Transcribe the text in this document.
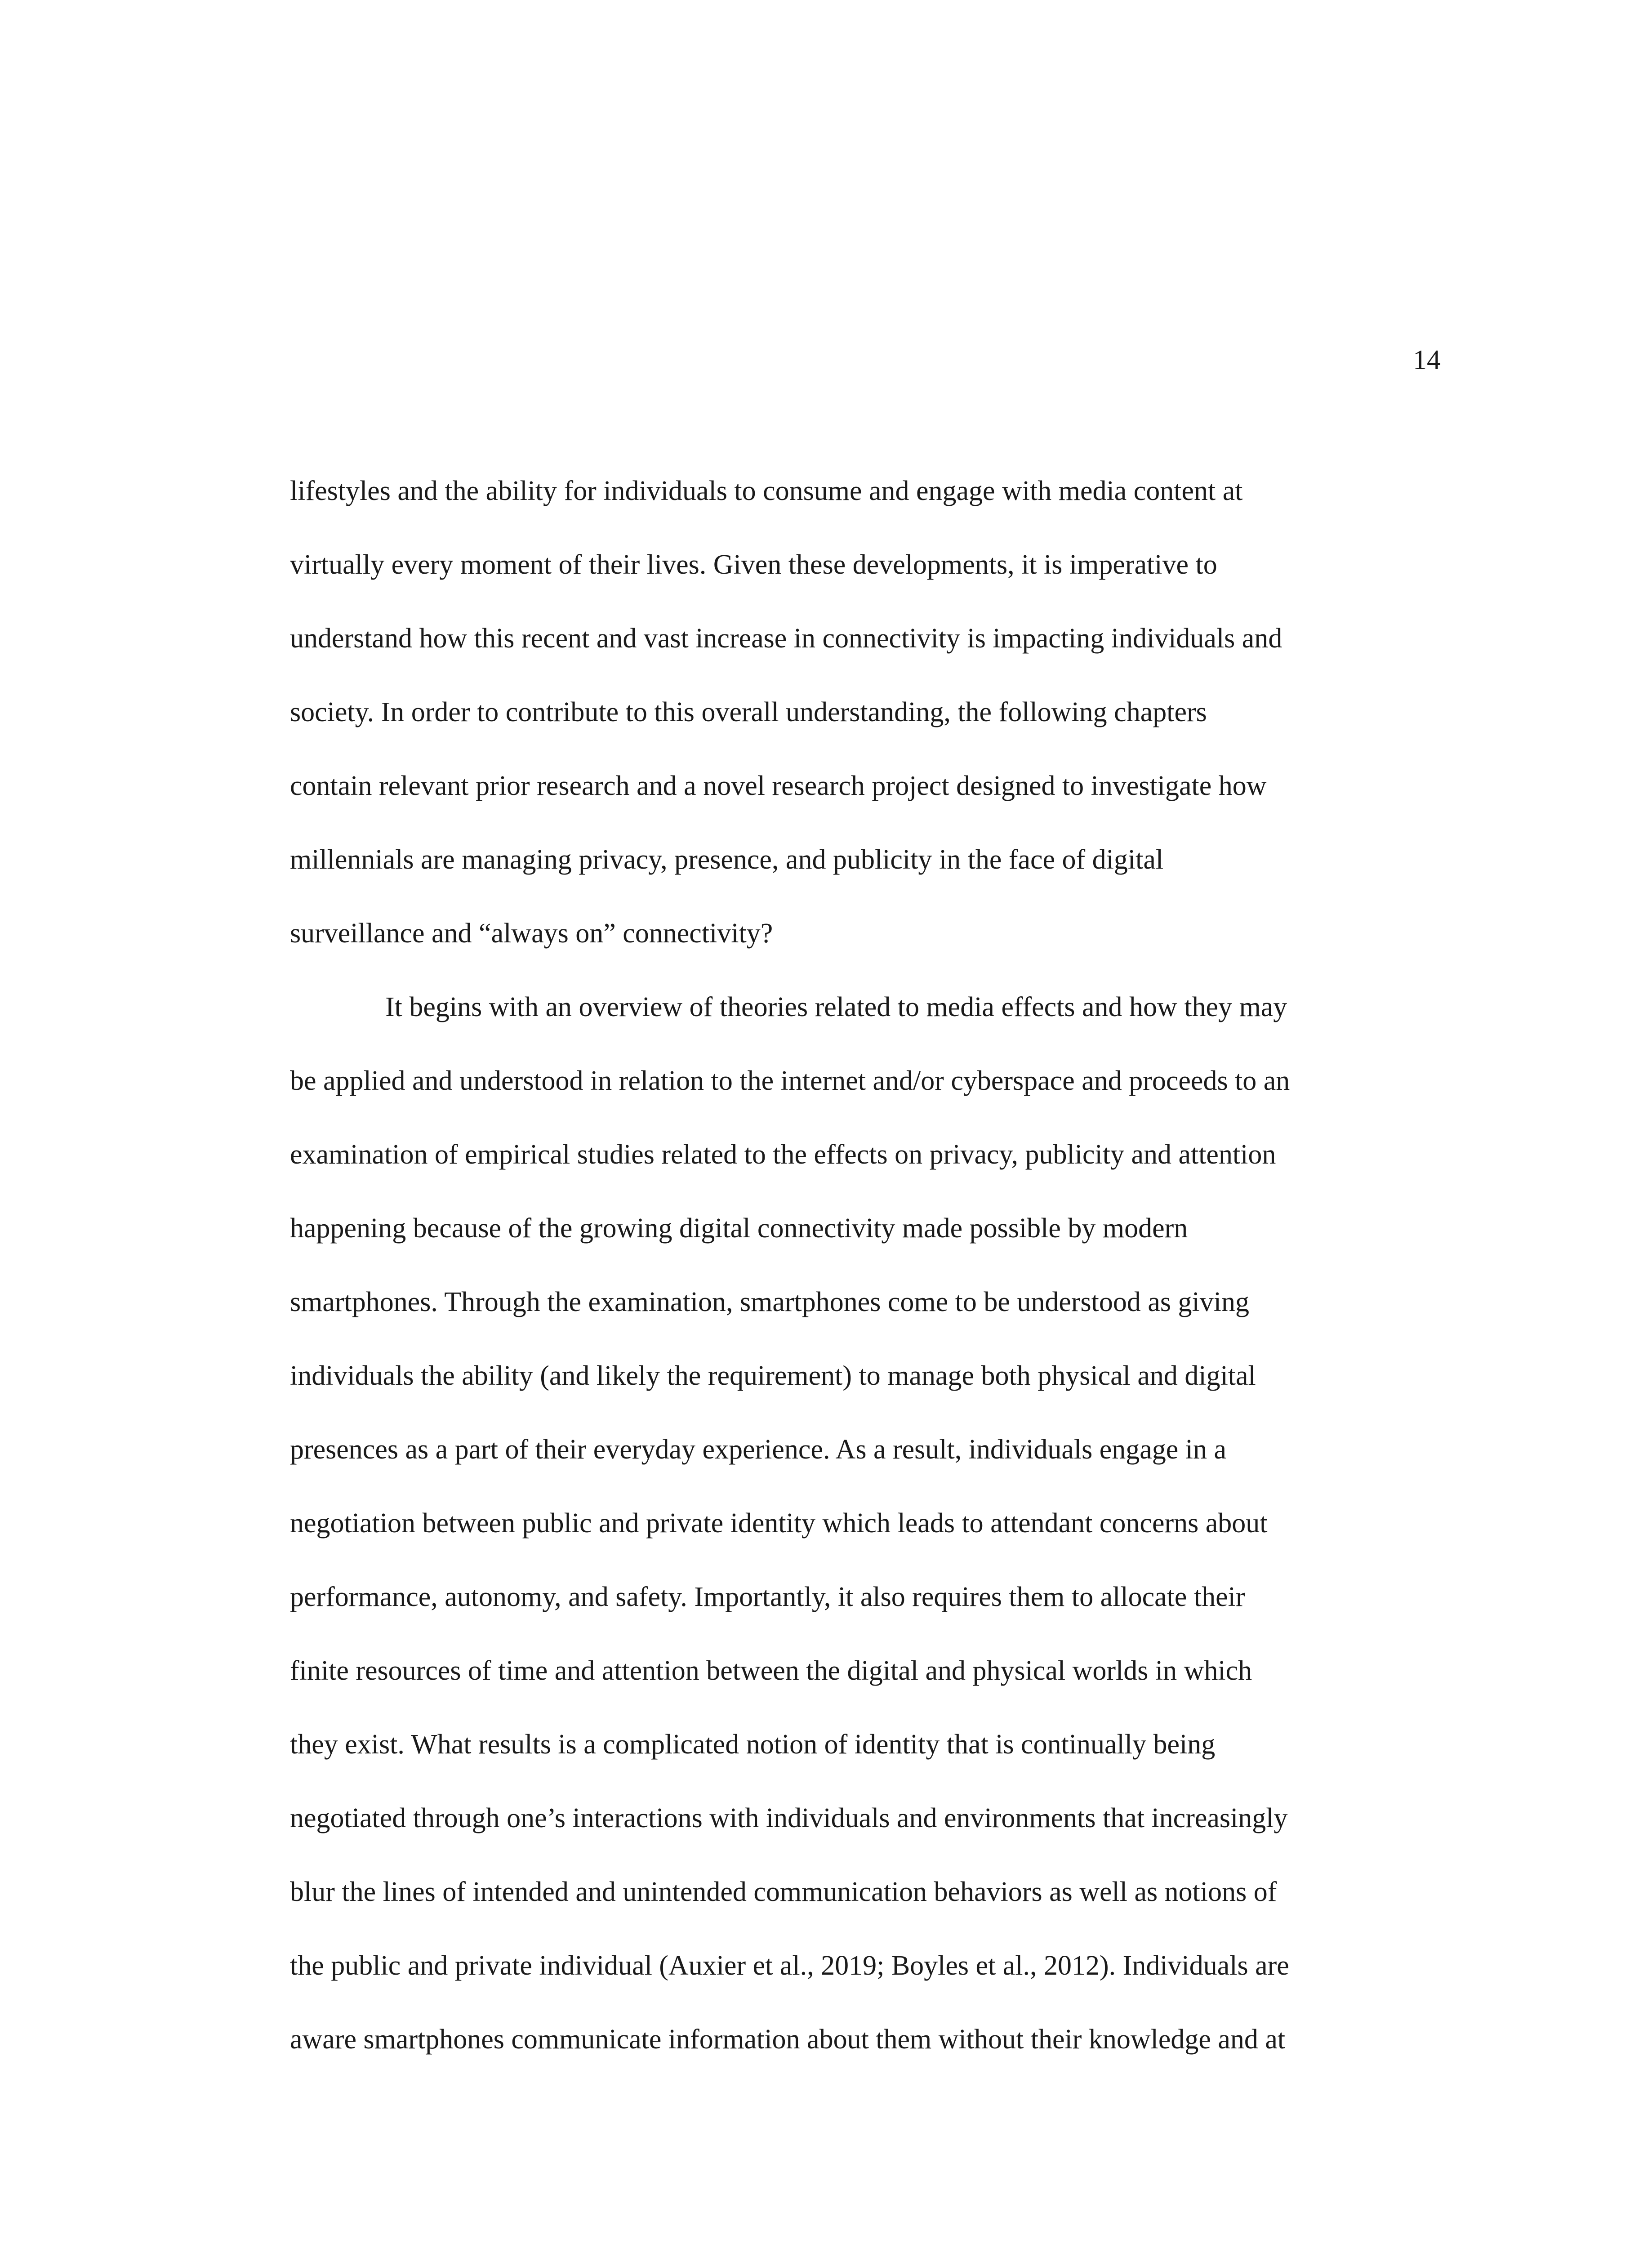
14
lifestyles and the ability for individuals to consume and engage with media content at
virtually every moment of their lives. Given these developments, it is imperative to
understand how this recent and vast increase in connectivity is impacting individuals and
society. In order to contribute to this overall understanding, the following chapters
contain relevant prior research and a novel research project designed to investigate how
millennials are managing privacy, presence, and publicity in the face of digital
surveillance and “always on” connectivity?
It begins with an overview of theories related to media effects and how they may
be applied and understood in relation to the internet and/or cyberspace and proceeds to an
examination of empirical studies related to the effects on privacy, publicity and attention
happening because of the growing digital connectivity made possible by modern
smartphones. Through the examination, smartphones come to be understood as giving
individuals the ability (and likely the requirement) to manage both physical and digital
presences as a part of their everyday experience. As a result, individuals engage in a
negotiation between public and private identity which leads to attendant concerns about
performance, autonomy, and safety. Importantly, it also requires them to allocate their
finite resources of time and attention between the digital and physical worlds in which
they exist. What results is a complicated notion of identity that is continually being
negotiated through one’s interactions with individuals and environments that increasingly
blur the lines of intended and unintended communication behaviors as well as notions of
the public and private individual (Auxier et al., 2019; Boyles et al., 2012). Individuals are
aware smartphones communicate information about them without their knowledge and at
